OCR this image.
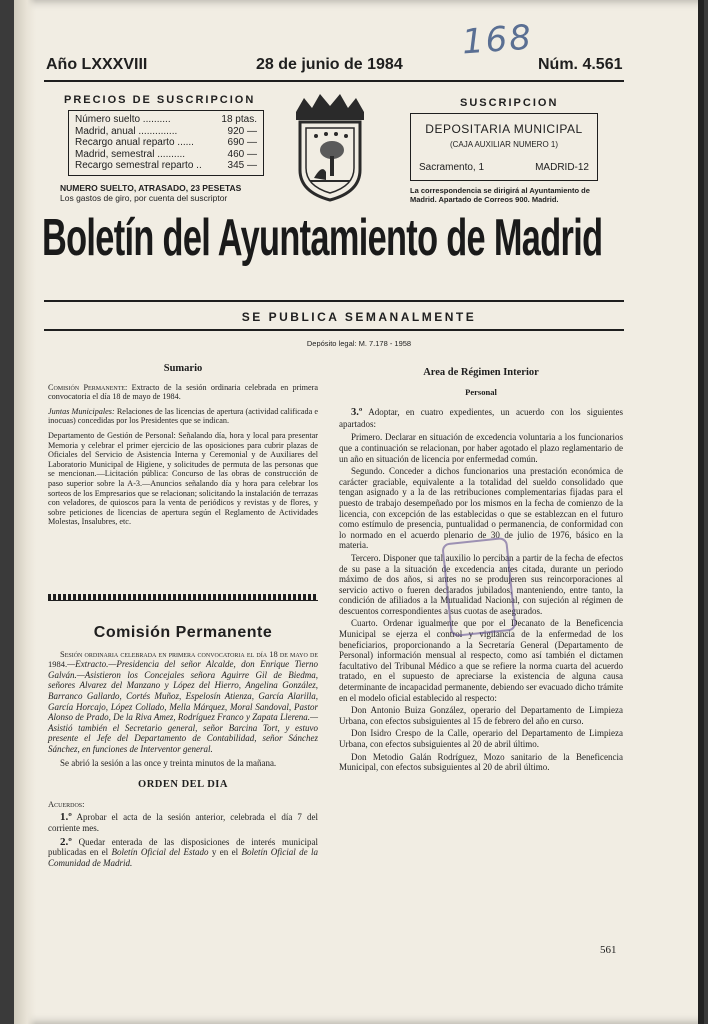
168
Año LXXXVIII	28 de junio de 1984	Núm. 4.561
PRECIOS DE SUSCRIPCION
Número suelto ..........	18 ptas.
Madrid, anual ..............	920 —
Recargo anual reparto ......	690 —
Madrid, semestral ..........	460 —
Recargo semestral reparto ..	345 —
NUMERO SUELTO, ATRASADO, 23 PESETAS
Los gastos de giro, por cuenta del suscriptor
SUSCRIPCION
DEPOSITARIA MUNICIPAL
(CAJA AUXILIAR NUMERO 1)
Sacramento, 1	MADRID-12
La correspondencia se dirigirá al Ayuntamiento de Madrid. Apartado de Correos 900. Madrid.
Boletín del Ayuntamiento de Madrid
SE PUBLICA SEMANALMENTE
Depósito legal: M. 7.178 - 1958

Sumario

Comisión Permanente: Extracto de la sesión ordinaria celebrada en primera convocatoria el día 18 de mayo de 1984.

Juntas Municipales: Relaciones de las licencias de apertura (actividad calificada e inocuas) concedidas por los Presidentes que se indican.

Departamento de Gestión de Personal: Señalando día, hora y local para presentar Memoria y celebrar el primer ejercicio de las oposiciones para cubrir plazas de Oficiales del Servicio de Asistencia Interna y Ceremonial y de Auxiliares del Laboratorio Municipal de Higiene, y solicitudes de permuta de las personas que se mencionan.—Licitación pública: Concurso de las obras de construcción de paso superior sobre la A-3.—Anuncios señalando día y hora para celebrar los sorteos de los Empresarios que se relacionan; solicitando la instalación de terrazas con veladores, de quioscos para la venta de periódicos y revistas y de flores, y sobre peticiones de licencias de apertura según el Reglamento de Actividades Molestas, Insalubres, etc.

Comisión Permanente

Sesión ordinaria celebrada en primera convocatoria el día 18 de mayo de 1984.—Extracto.—Presidencia del señor Alcalde, don Enrique Tierno Galván.—Asistieron los Concejales señora Aguirre Gil de Biedma, señores Alvarez del Manzano y López del Hierro, Angelina González, Barranco Gallardo, Cortés Muñoz, Espelosín Atienza, García Alarilla, García Horcajo, López Collado, Mella Márquez, Moral Sandoval, Pastor Alonso de Prado, De la Riva Amez, Rodríguez Franco y Zapata Llerena.—Asistió también el Secretario general, señor Barcina Tort, y estuvo presente el Jefe del Departamento de Contabilidad, señor Sánchez Sánchez, en funciones de Interventor general.

Se abrió la sesión a las once y treinta minutos de la mañana.

ORDEN DEL DIA

Acuerdos:

1.º Aprobar el acta de la sesión anterior, celebrada el día 7 del corriente mes.

2.º Quedar enterada de las disposiciones de interés municipal publicadas en el Boletín Oficial del Estado y en el Boletín Oficial de la Comunidad de Madrid.

Area de Régimen Interior

Personal

3.º Adoptar, en cuatro expedientes, un acuerdo con los siguientes apartados:

Primero. Declarar en situación de excedencia voluntaria a los funcionarios que a continuación se relacionan, por haber agotado el plazo reglamentario de un año en situación de licencia por enfermedad común.

Segundo. Conceder a dichos funcionarios una prestación económica de carácter graciable, equivalente a la totalidad del sueldo consolidado que tengan asignado y a la de las retribuciones complementarias fijadas para el puesto de trabajo desempeñado por los mismos en la fecha de comienzo de la licencia, con excepción de las establecidas o que se establezcan en el futuro como estímulo de presencia, puntualidad o permanencia, de conformidad con lo normado en el acuerdo plenario de 30 de julio de 1976, básico en la materia.

Tercero. Disponer que tal auxilio lo perciban a partir de la fecha de efectos de su pase a la situación de excedencia antes citada, durante un periodo máximo de dos años, si antes no se produjeren sus reincorporaciones al servicio activo o fueren declarados jubilados, manteniendo, entre tanto, la condición de afiliados a la Mutualidad Nacional, con sujeción al régimen de descuentos correspondientes a sus cuotas de asegurados.

Cuarto. Ordenar igualmente que por el Decanato de la Beneficencia Municipal se ejerza el control y vigilancia de la enfermedad de los beneficiarios, proporcionando a la Secretaría General (Departamento de Personal) información mensual al respecto, como así también el dictamen facultativo del Tribunal Médico a que se refiere la norma cuarta del acuerdo tratado, en el supuesto de apreciarse la existencia de alguna causa determinante de incapacidad permanente, debiendo ser evacuado dicho trámite en el modelo oficial establecido al respecto:

Don Antonio Buiza González, operario del Departamento de Limpieza Urbana, con efectos subsiguientes al 15 de febrero del año en curso.

Don Isidro Crespo de la Calle, operario del Departamento de Limpieza Urbana, con efectos subsiguientes al 20 de abril último.

Don Metodio Galán Rodríguez, Mozo sanitario de la Beneficencia Municipal, con efectos subsiguientes al 20 de abril último.

561
